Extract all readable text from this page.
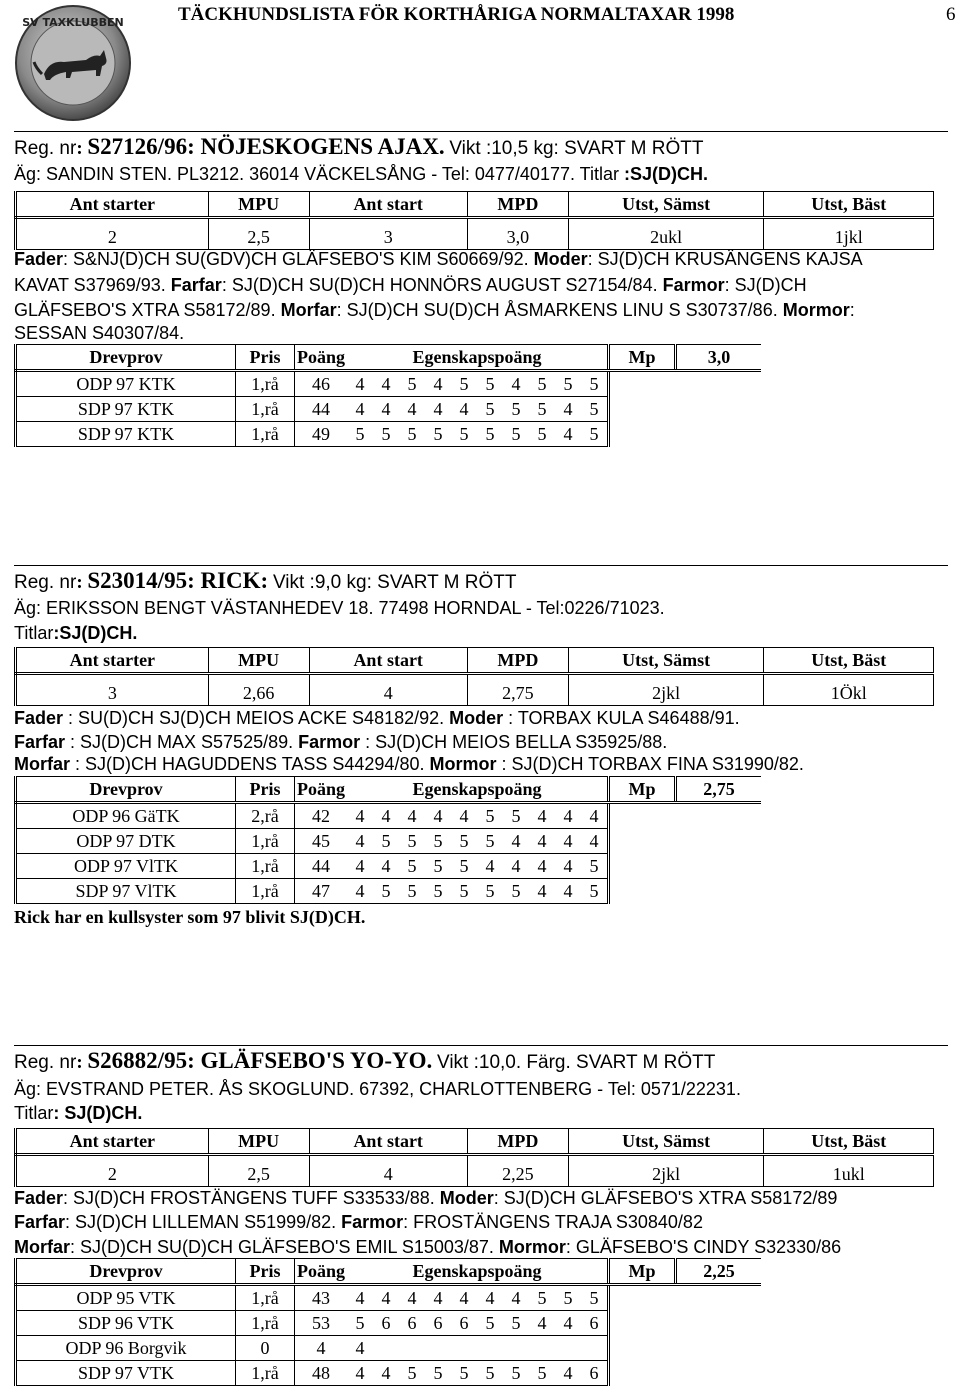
SV TAXKLUBBEN	TÄCKHUNDSLISTA FÖR KORTHÅRIGA NORMALTAXAR 1998	6
Reg. nr: S27126/96: NÖJESKOGENS AJAX. Vikt :10,5 kg: SVART M RÖTT
Äg: SANDIN STEN. PL3212. 36014 VÄCKELSÅNG - Tel: 0477/40177. Titlar :SJ(D)CH.
Ant starter	MPU	Ant start	MPD	Utst, Sämst	Utst, Bäst

2	2,5	3	3,0	2ukl	1jkl
Fader: S&NJ(D)CH SU(GDV)CH GLÄFSEBO'S KIM S60669/92. Moder: SJ(D)CH KRUSÄNGENS KAJSA
KAVAT S37969/93. Farfar: SJ(D)CH SU(D)CH HONNÖRS AUGUST S27154/84. Farmor: SJ(D)CH
GLÄFSEBO'S XTRA S58172/89. Morfar: SJ(D)CH SU(D)CH ÅSMARKENS LINU S S30737/86. Mormor:
SESSAN S40307/84.
Drevprov	Pris	Poäng	Egenskapspoäng										Mp	3,0
ODP 97 KTK	1,rå	46	4	4	5	4	5	5	4	5	5	5		
SDP 97 KTK	1,rå	44	4	4	4	4	4	5	5	5	4	5		
SDP 97 KTK	1,rå	49	5	5	5	5	5	5	5	5	4	5		
Reg. nr: S23014/95: RICK: Vikt :9,0 kg: SVART M RÖTT
Äg: ERIKSSON BENGT VÄSTANHEDEV 18. 77498 HORNDAL - Tel:0226/71023.
Titlar:SJ(D)CH.
Ant starter	MPU	Ant start	MPD	Utst, Sämst	Utst, Bäst

3	2,66	4	2,75	2jkl	1Ökl
Fader : SU(D)CH SJ(D)CH MEIOS ACKE S48182/92. Moder : TORBAX KULA S46488/91.
Farfar : SJ(D)CH MAX S57525/89. Farmor : SJ(D)CH MEIOS BELLA S35925/88.
Morfar : SJ(D)CH HAGUDDENS TASS S44294/80. Mormor : SJ(D)CH TORBAX FINA S31990/82.
Drevprov	Pris	Poäng	Egenskapspoäng										Mp	2,75
ODP 96 GäTK	2,rå	42	4	4	4	4	4	5	5	4	4	4		
ODP 97 DTK	1,rå	45	4	5	5	5	5	5	4	4	4	4		
ODP 97 VlTK	1,rå	44	4	4	5	5	5	4	4	4	4	5		
SDP 97 VlTK	1,rå	47	4	5	5	5	5	5	5	4	4	5		
Rick har en kullsyster som 97 blivit SJ(D)CH.
Reg. nr: S26882/95: GLÄFSEBO'S YO-YO. Vikt :10,0. Färg. SVART M RÖTT
Äg: EVSTRAND PETER. ÅS SKOGLUND. 67392, CHARLOTTENBERG - Tel: 0571/22231.
Titlar: SJ(D)CH.
Ant starter	MPU	Ant start	MPD	Utst, Sämst	Utst, Bäst

2	2,5	4	2,25	2jkl	1ukl
Fader: SJ(D)CH FROSTÄNGENS TUFF S33533/88. Moder: SJ(D)CH GLÄFSEBO'S XTRA S58172/89
Farfar: SJ(D)CH LILLEMAN S51999/82. Farmor: FROSTÄNGENS TRAJA S30840/82
Morfar: SJ(D)CH SU(D)CH GLÄFSEBO'S EMIL S15003/87. Mormor: GLÄFSEBO'S CINDY S32330/86
Drevprov	Pris	Poäng	Egenskapspoäng										Mp	2,25
ODP 95 VTK	1,rå	43	4	4	4	4	4	4	4	5	5	5		
SDP 96 VTK	1,rå	53	5	6	6	6	6	5	5	4	4	6		
ODP 96 Borgvik	0	4	4											
SDP 97 VTK	1,rå	48	4	4	5	5	5	5	5	5	4	6		
